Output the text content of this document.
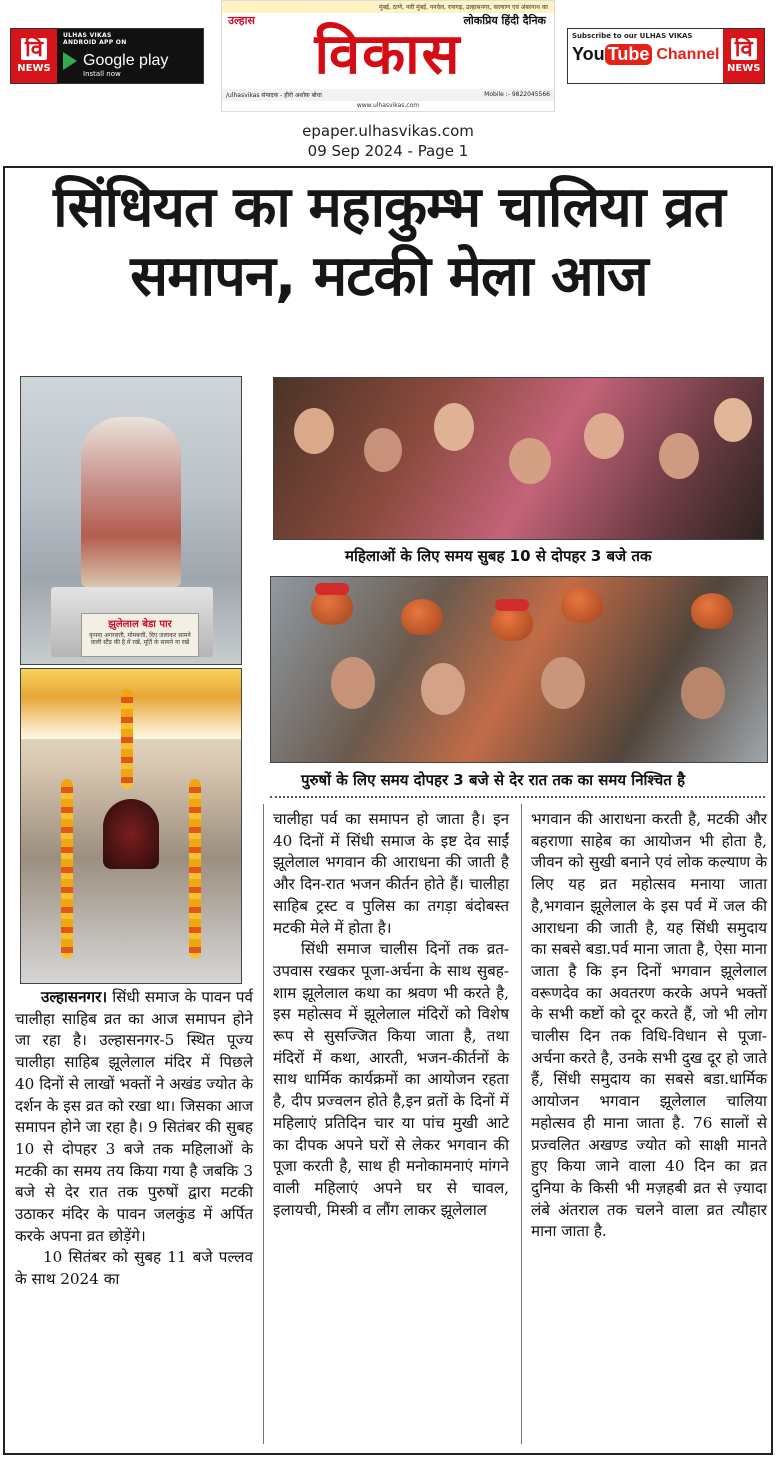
वि
NEWS
ULHAS VIKAS
ANDROID APP ON
Google play
Install now
मुंबई, ठाणे, नवी मुंबई, पनवेल, रायगढ़, उल्हासनगर, कल्याण एवं अंबरनाथ का
उल्हास	लोकप्रिय हिंदी दैनिक
विकास
/ulhasvikas संपादक - हीरो अशोक बोधा	Mobile :- 9822045566
www.ulhasvikas.com
Subscribe to our ULHAS VIKAS
You Tube Channel वि
NEWS
epaper.ulhasvikas.com
09 Sep 2024 - Page 1
सिंधियत का महाकुम्भ चालिया व्रत समापन, मटकी मेला आज
झुलेलाल बेडा पार
कृपया अगरबत्ती, मोमबत्ती, दिए जलाकर सामने वाली स्टैंड की है में रखें, मूर्ति के सामने ना रखें
महिलाओं के लिए समय सुबह 10 से दोपहर 3 बजे तक
पुरुषों के लिए समय दोपहर 3 बजे से देर रात तक का समय निश्चित है

उल्हासनगर। सिंधी समाज के पावन पर्व चालीहा साहिब व्रत का आज समापन होने जा रहा है। उल्हासनगर-5 स्थित पूज्य चालीहा साहिब झूलेलाल मंदिर में पिछले 40 दिनों से लाखों भक्तों ने अखंड ज्योत के दर्शन के इस व्रत को रखा था। जिसका आज समापन होने जा रहा है। 9 सितंबर की सुबह 10 से दोपहर 3 बजे तक महिलाओं के मटकी का समय तय किया गया है जबकि 3 बजे से देर रात तक पुरुषों द्वारा मटकी उठाकर मंदिर के पावन जलकुंड में अर्पित करके अपना व्रत छोड़ेंगे।

10 सितंबर को सुबह 11 बजे पल्लव के साथ 2024 का

चालीहा पर्व का समापन हो जाता है। इन 40 दिनों में सिंधी समाज के इष्ट देव साईं झूलेलाल भगवान की आराधना की जाती है और दिन-रात भजन कीर्तन होते हैं। चालीहा साहिब ट्रस्ट व पुलिस का तगड़ा बंदोबस्त मटकी मेले में होता है।

सिंधी समाज चालीस दिनों तक व्रत-उपवास रखकर पूजा-अर्चना के साथ सुबह-शाम झूलेलाल कथा का श्रवण भी करते है, इस महोत्सव में झूलेलाल मंदिरों को विशेष रूप से सुसज्जित किया जाता है, तथा मंदिरों में कथा, आरती, भजन-कीर्तनों के साथ धार्मिक कार्यक्रमों का आयोजन रहता है, दीप प्रज्वलन होते है,इन व्रतों के दिनों में महिलाएं प्रतिदिन चार या पांच मुखी आटे का दीपक अपने घरों से लेकर भगवान की पूजा करती है, साथ ही मनोकामनाएं मांगने वाली महिलाएं अपने घर से चावल, इलायची, मिस्त्री व लौंग लाकर झूलेलाल

भगवान की आराधना करती है, मटकी और बहराणा साहेब का आयोजन भी होता है, जीवन को सुखी बनाने एवं लोक कल्याण के लिए यह व्रत महोत्सव मनाया जाता है,भगवान झूलेलाल के इस पर्व में जल की आराधना की जाती है, यह सिंधी समुदाय का सबसे बडा.पर्व माना जाता है, ऐसा माना जाता है कि इन दिनों भगवान झूलेलाल वरूणदेव का अवतरण करके अपने भक्तों के सभी कष्टों को दूर करते हैं, जो भी लोग चालीस दिन तक विधि-विधान से पूजा-अर्चना करते है, उनके सभी दुख दूर हो जाते हैं, सिंधी समुदाय का सबसे बडा.धार्मिक आयोजन भगवान झूलेलाल चालिया महोत्सव ही माना जाता है. 76 सालों से प्रज्वलित अखण्ड ज्योत को साक्षी मानते हुए किया जाने वाला 40 दिन का व्रत दुनिया के किसी भी मज़हबी व्रत से ज़्यादा लंबे अंतराल तक चलने वाला व्रत त्यौहार माना जाता है.
